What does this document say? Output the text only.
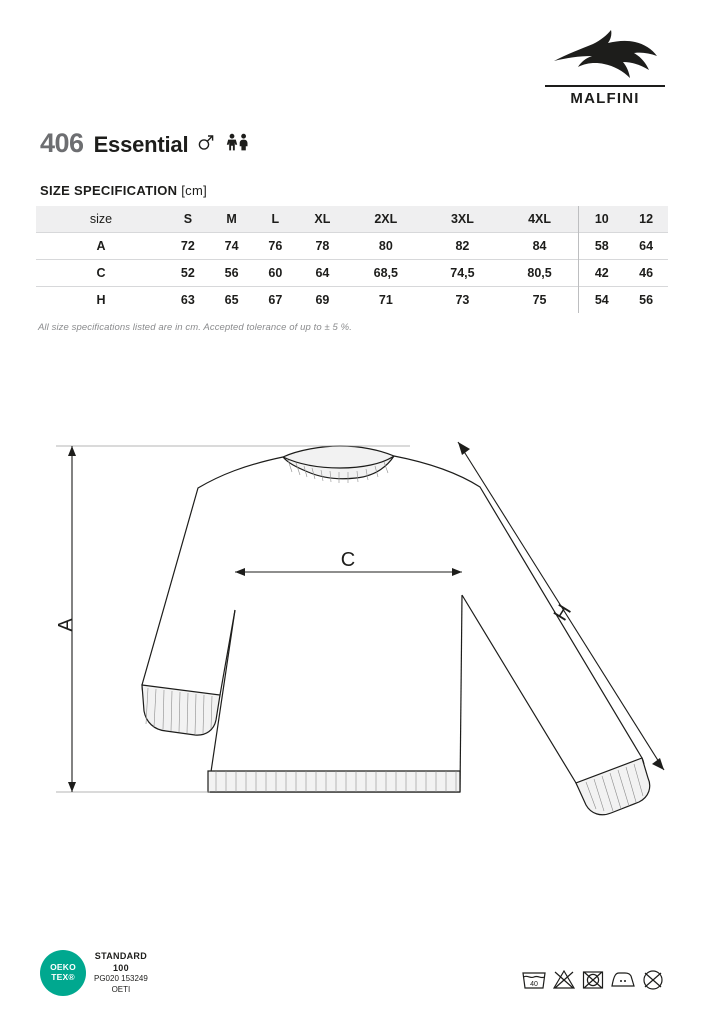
MALFINI
406 Essential

SIZE SPECIFICATION [cm]
size	S	M	L	XL	2XL	3XL	4XL	10	12
A	72	74	76	78	80	82	84	58	64
C	52	56	60	64	68,5	74,5	80,5	42	46
H	63	65	67	69	71	73	75	54	56
All size specifications listed are in cm. Accepted tolerance of up to ± 5 %.
A
C
H
OEKO
TEX®
STANDARD
100
PG020 153249
OETI
40
